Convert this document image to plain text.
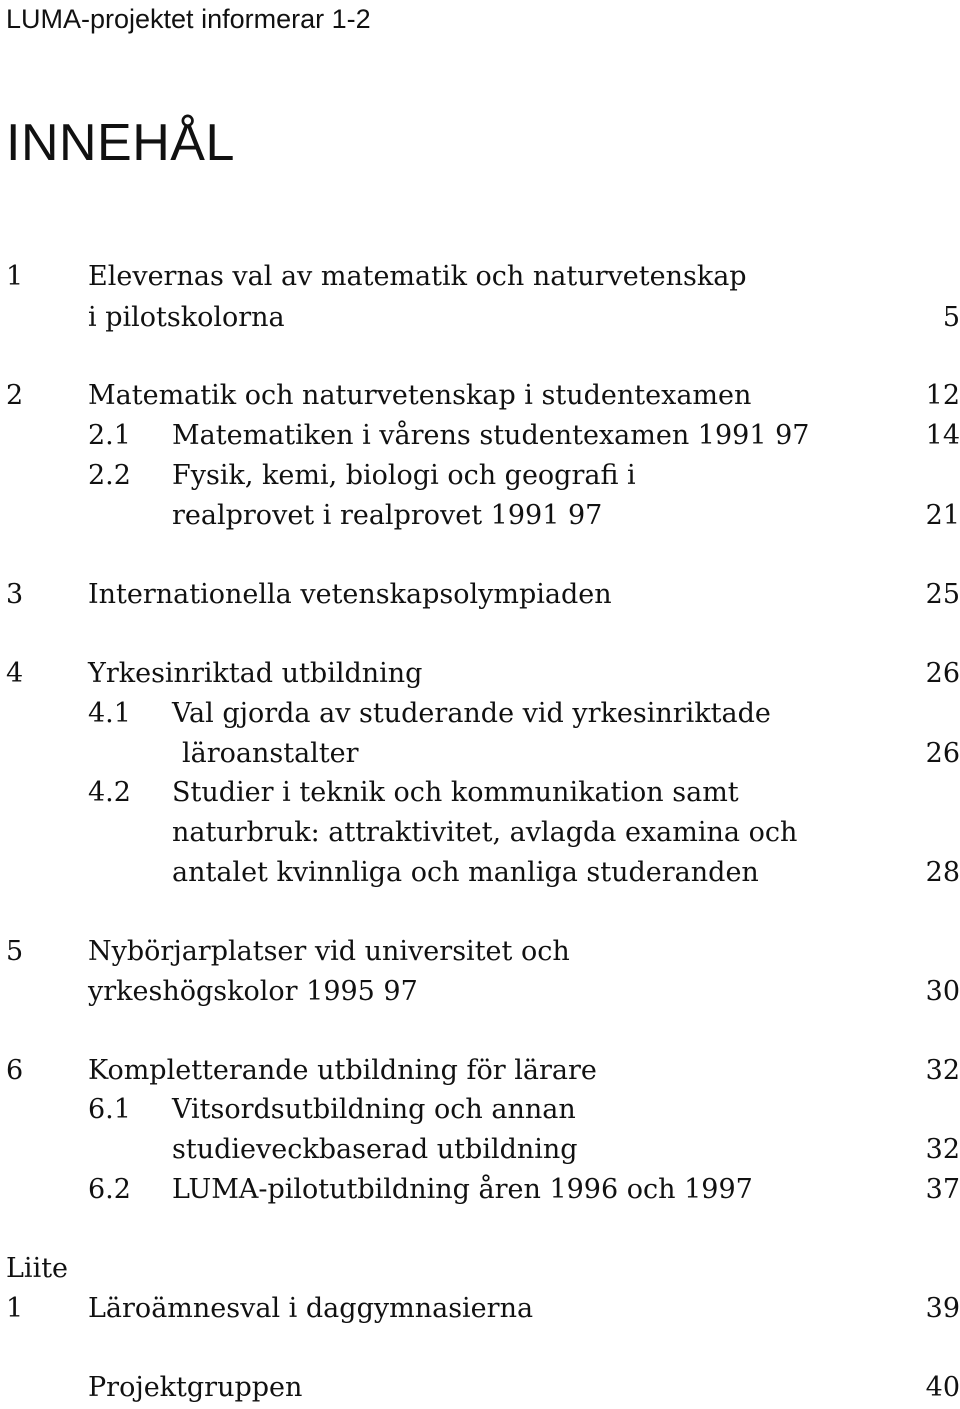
LUMA-projektet informerar 1-2
INNEHÅL
1 Elevernas val av matematik och naturvetenskap
i pilotskolorna	5
2 Matematik och naturvetenskap i studentexamen	12
2.1 Matematiken i vårens studentexamen 1991 97	14
2.2 Fysik, kemi, biologi och geografi i
realprovet i realprovet 1991 97	21
3 Internationella vetenskapsolympiaden	25
4 Yrkesinriktad utbildning	26
4.1 Val gjorda av studerande vid yrkesinriktade
läroanstalter	26
4.2 Studier i teknik och kommunikation samt
naturbruk: attraktivitet, avlagda examina och
antalet kvinnliga och manliga studeranden	28
5 Nybörjarplatser vid universitet och
yrkeshögskolor 1995 97	30
6 Kompletterande utbildning för lärare	32
6.1 Vitsordsutbildning och annan
studieveckbaserad utbildning	32
6.2 LUMA-pilotutbildning åren 1996 och 1997	37
Liite
1 Läroämnesval i daggymnasierna	39
Projektgruppen	40
